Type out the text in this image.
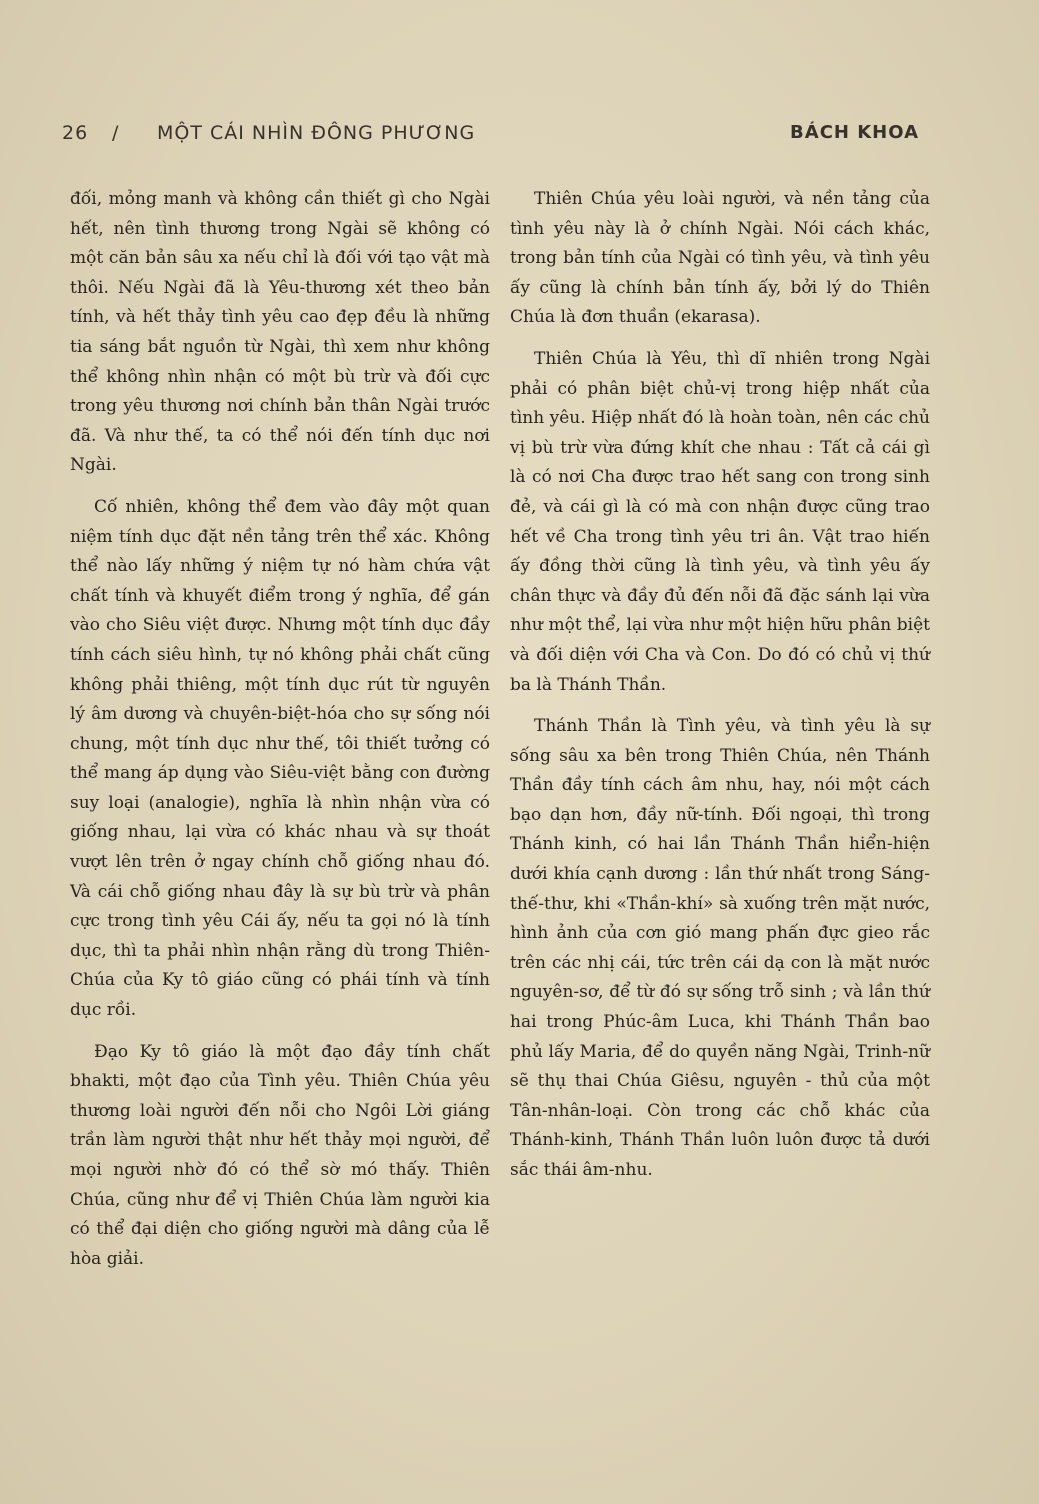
26 / MỘT CÁI NHÌN ĐÔNG PHƯƠNG	BÁCH KHOA

đối, mỏng manh và không cần thiết gì cho Ngài hết, nên tình thương trong Ngài sẽ không có một căn bản sâu xa nếu chỉ là đối với tạo vật mà thôi. Nếu Ngài đã là Yêu-thương xét theo bản tính, và hết thảy tình yêu cao đẹp đều là những tia sáng bắt nguồn từ Ngài, thì xem như không thể không nhìn nhận có một bù trừ và đối cực trong yêu thương nơi chính bản thân Ngài trước đã. Và như thế, ta có thể nói đến tính dục nơi Ngài.

Cố nhiên, không thể đem vào đây một quan niệm tính dục đặt nền tảng trên thể xác. Không thể nào lấy những ý niệm tự nó hàm chứa vật chất tính và khuyết điểm trong ý nghĩa, để gán vào cho Siêu việt được. Nhưng một tính dục đầy tính cách siêu hình, tự nó không phải chất cũng không phải thiêng, một tính dục rút từ nguyên lý âm dương và chuyên-biệt-hóa cho sự sống nói chung, một tính dục như thế, tôi thiết tưởng có thể mang áp dụng vào Siêu-việt bằng con đường suy loại (analogie), nghĩa là nhìn nhận vừa có giống nhau, lại vừa có khác nhau và sự thoát vượt lên trên ở ngay chính chỗ giống nhau đó. Và cái chỗ giống nhau đây là sự bù trừ và phân cực trong tình yêu Cái ấy, nếu ta gọi nó là tính dục, thì ta phải nhìn nhận rằng dù trong Thiên-Chúa của Ky tô giáo cũng có phái tính và tính dục rồi.

Đạo Ky tô giáo là một đạo đầy tính chất bhakti, một đạo của Tình yêu. Thiên Chúa yêu thương loài người đến nỗi cho Ngôi Lời giáng trần làm người thật như hết thảy mọi người, để mọi người nhờ đó có thể sờ mó thấy. Thiên Chúa, cũng như để vị Thiên Chúa làm người kia có thể đại diện cho giống người mà dâng của lễ hòa giải.

Thiên Chúa yêu loài người, và nền tảng của tình yêu này là ở chính Ngài. Nói cách khác, trong bản tính của Ngài có tình yêu, và tình yêu ấy cũng là chính bản tính ấy, bởi lý do Thiên Chúa là đơn thuần (ekarasa).

Thiên Chúa là Yêu, thì dĩ nhiên trong Ngài phải có phân biệt chủ-vị trong hiệp nhất của tình yêu. Hiệp nhất đó là hoàn toàn, nên các chủ vị bù trừ vừa đứng khít che nhau : Tất cả cái gì là có nơi Cha được trao hết sang con trong sinh đẻ, và cái gì là có mà con nhận được cũng trao hết về Cha trong tình yêu tri ân. Vật trao hiến ấy đồng thời cũng là tình yêu, và tình yêu ấy chân thực và đầy đủ đến nỗi đã đặc sánh lại vừa như một thể, lại vừa như một hiện hữu phân biệt và đối diện với Cha và Con. Do đó có chủ vị thứ ba là Thánh Thần.

Thánh Thần là Tình yêu, và tình yêu là sự sống sâu xa bên trong Thiên Chúa, nên Thánh Thần đầy tính cách âm nhu, hay, nói một cách bạo dạn hơn, đầy nữ-tính. Đối ngoại, thì trong Thánh kinh, có hai lần Thánh Thần hiển-hiện dưới khía cạnh dương : lần thứ nhất trong Sáng-thế-thư, khi «Thần-khí» sà xuống trên mặt nước, hình ảnh của cơn gió mang phấn đực gieo rắc trên các nhị cái, tức trên cái dạ con là mặt nước nguyên-sơ, để từ đó sự sống trỗ sinh ; và lần thứ hai trong Phúc-âm Luca, khi Thánh Thần bao phủ lấy Maria, để do quyền năng Ngài, Trinh-nữ sẽ thụ thai Chúa Giêsu, nguyên - thủ của một Tân-nhân-loại. Còn trong các chỗ khác của Thánh-kinh, Thánh Thần luôn luôn được tả dưới sắc thái âm-nhu.
